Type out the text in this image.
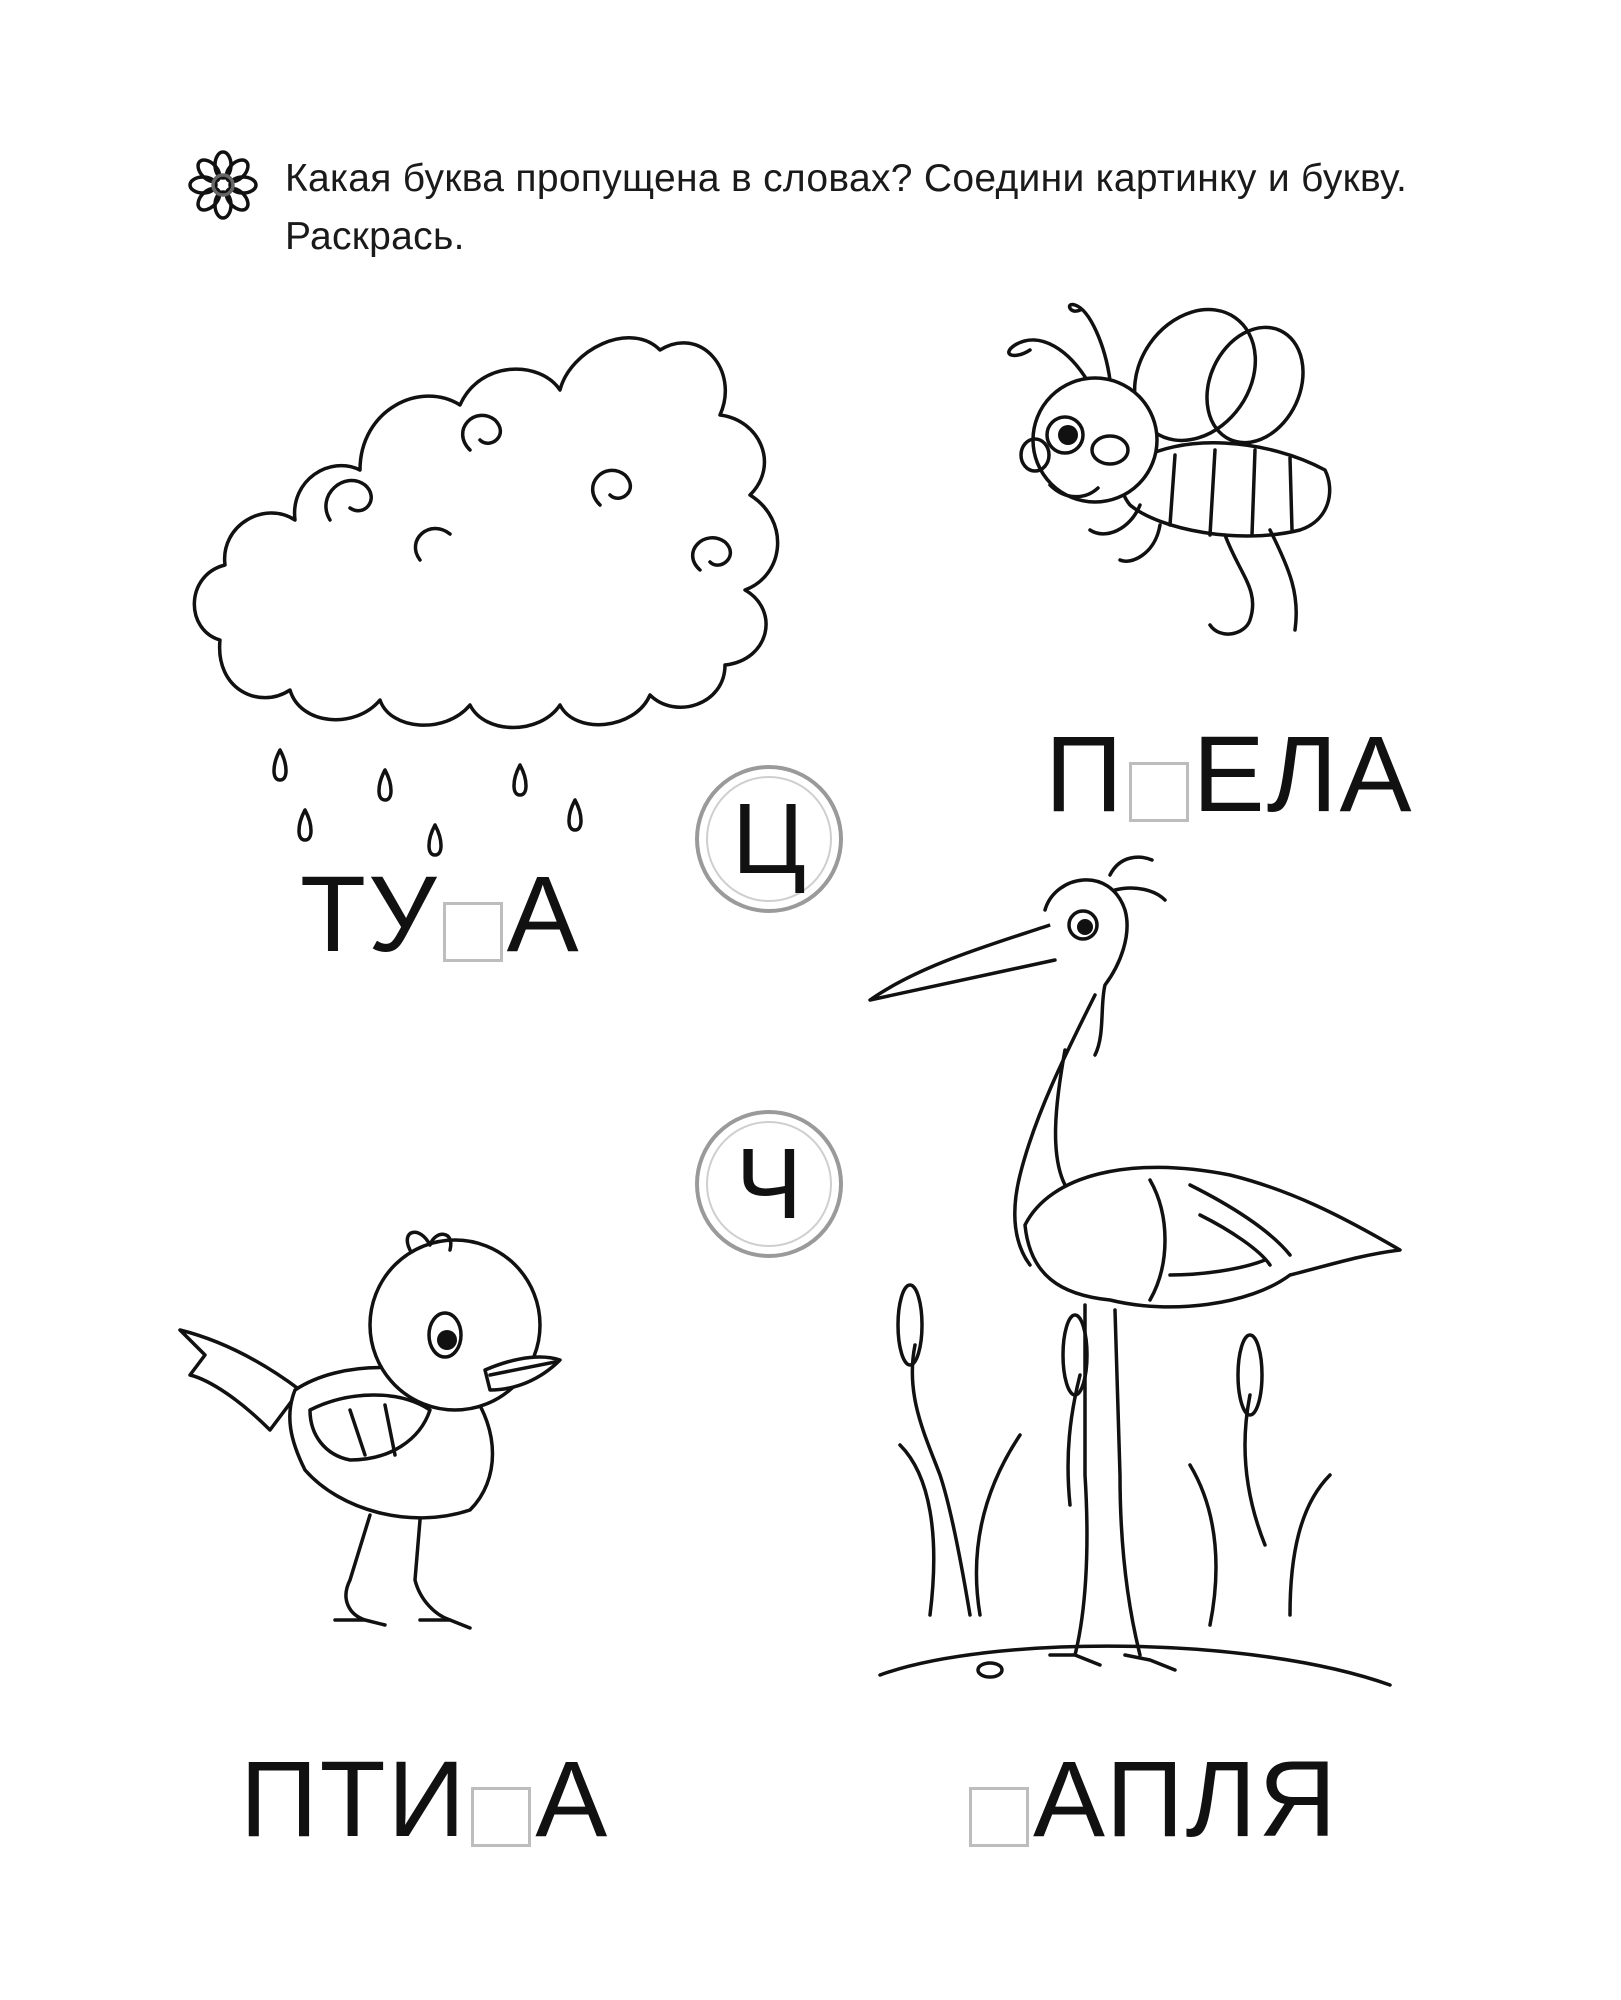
Какая буква пропущена в словах? Соедини картинку и букву. Раскрась.
Ц
Ч
ТУ А
П ЕЛА
ПТИ А	АПЛЯ
